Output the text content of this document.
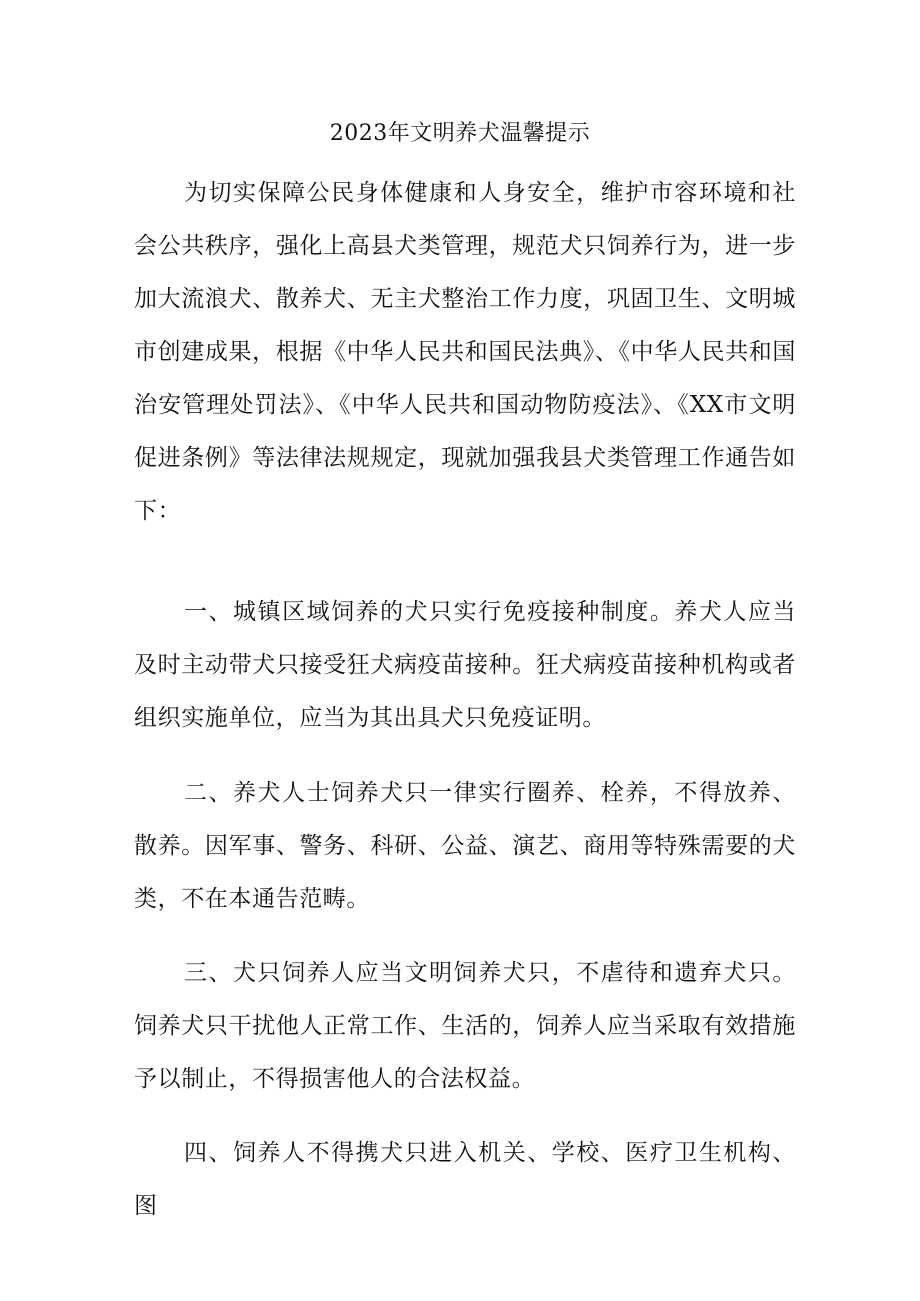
2023年文明养犬温馨提示

为切实保障公民身体健康和人身安全，维护市容环境和社会公共秩序，强化上高县犬类管理，规范犬只饲养行为，进一步加大流浪犬、散养犬、无主犬整治工作力度，巩固卫生、文明城市创建成果，根据《中华人民共和国民法典》、《中华人民共和国治安管理处罚法》、《中华人民共和国动物防疫法》、《XX市文明促进条例》等法律法规规定，现就加强我县犬类管理工作通告如下：

一、城镇区域饲养的犬只实行免疫接种制度。养犬人应当及时主动带犬只接受狂犬病疫苗接种。狂犬病疫苗接种机构或者组织实施单位，应当为其出具犬只免疫证明。

二、养犬人士饲养犬只一律实行圈养、栓养，不得放养、散养。因军事、警务、科研、公益、演艺、商用等特殊需要的犬类，不在本通告范畴。

三、犬只饲养人应当文明饲养犬只，不虐待和遗弃犬只。饲养犬只干扰他人正常工作、生活的，饲养人应当采取有效措施予以制止，不得损害他人的合法权益。

四、饲养人不得携犬只进入机关、学校、医疗卫生机构、图
